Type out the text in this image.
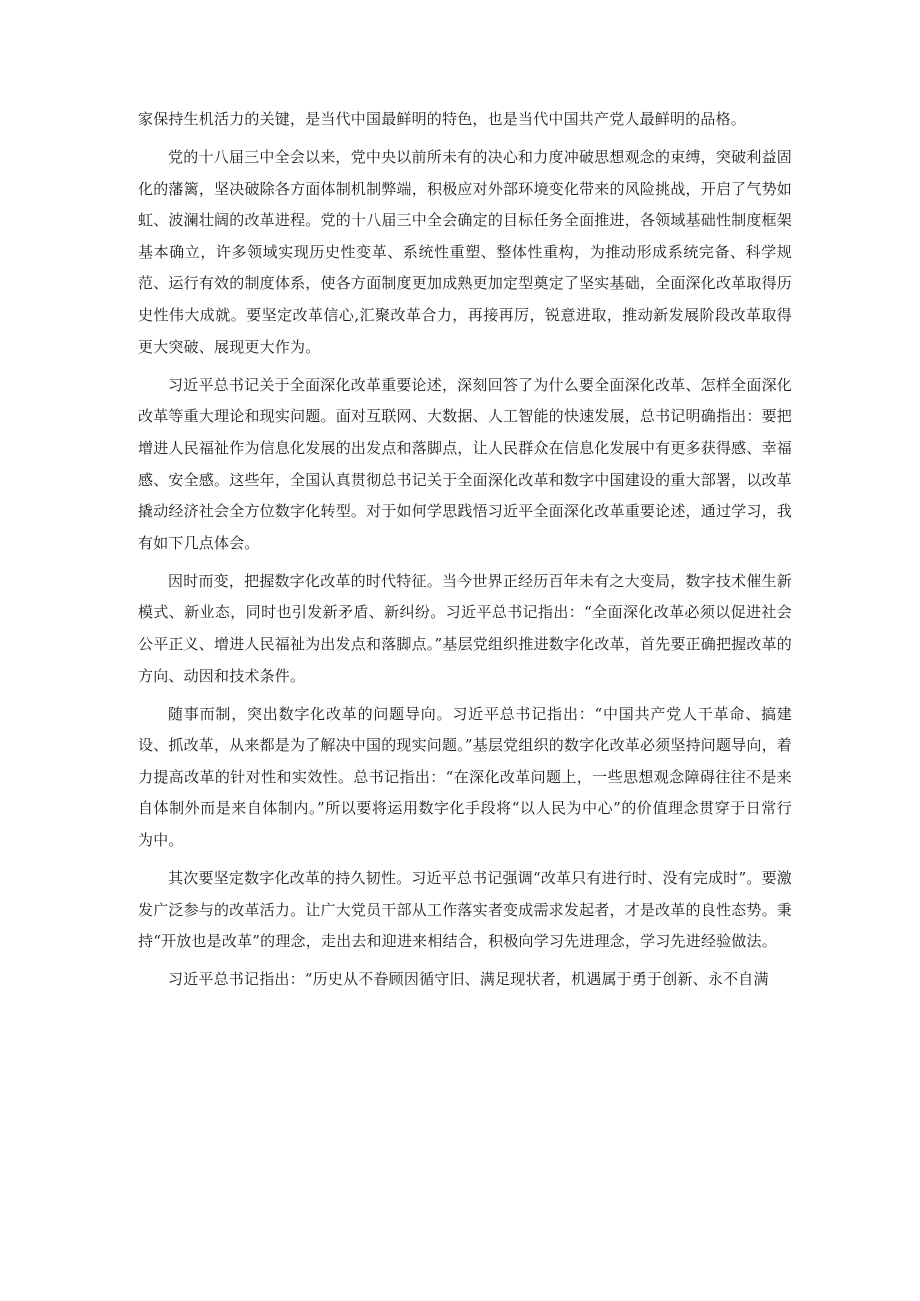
家保持生机活力的关键，是当代中国最鲜明的特色，也是当代中国共产党人最鲜明的品格。

党的十八届三中全会以来，党中央以前所未有的决心和力度冲破思想观念的束缚，突破利益固化的藩篱，坚决破除各方面体制机制弊端，积极应对外部环境变化带来的风险挑战，开启了气势如虹、波澜壮阔的改革进程。党的十八届三中全会确定的目标任务全面推进，各领域基础性制度框架基本确立，许多领域实现历史性变革、系统性重塑、整体性重构，为推动形成系统完备、科学规范、运行有效的制度体系，使各方面制度更加成熟更加定型奠定了坚实基础，全面深化改革取得历史性伟大成就。要坚定改革信心,汇聚改革合力，再接再厉，锐意进取，推动新发展阶段改革取得更大突破、展现更大作为。

习近平总书记关于全面深化改革重要论述，深刻回答了为什么要全面深化改革、怎样全面深化改革等重大理论和现实问题。面对互联网、大数据、人工智能的快速发展，总书记明确指出：要把增进人民福祉作为信息化发展的出发点和落脚点，让人民群众在信息化发展中有更多获得感、幸福感、安全感。这些年，全国认真贯彻总书记关于全面深化改革和数字中国建设的重大部署，以改革撬动经济社会全方位数字化转型。对于如何学思践悟习近平全面深化改革重要论述，通过学习，我有如下几点体会。

因时而变，把握数字化改革的时代特征。当今世界正经历百年未有之大变局，数字技术催生新模式、新业态，同时也引发新矛盾、新纠纷。习近平总书记指出：“全面深化改革必须以促进社会公平正义、增进人民福祉为出发点和落脚点。”基层党组织推进数字化改革，首先要正确把握改革的方向、动因和技术条件。

随事而制，突出数字化改革的问题导向。习近平总书记指出：“中国共产党人干革命、搞建设、抓改革，从来都是为了解决中国的现实问题。”基层党组织的数字化改革必须坚持问题导向，着力提高改革的针对性和实效性。总书记指出：“在深化改革问题上，一些思想观念障碍往往不是来自体制外而是来自体制内。”所以要将运用数字化手段将“以人民为中心”的价值理念贯穿于日常行为中。

其次要坚定数字化改革的持久韧性。习近平总书记强调“改革只有进行时、没有完成时”。要激发广泛参与的改革活力。让广大党员干部从工作落实者变成需求发起者，才是改革的良性态势。秉持“开放也是改革”的理念，走出去和迎进来相结合，积极向学习先进理念，学习先进经验做法。

习近平总书记指出：“历史从不眷顾因循守旧、满足现状者，机遇属于勇于创新、永不自满
